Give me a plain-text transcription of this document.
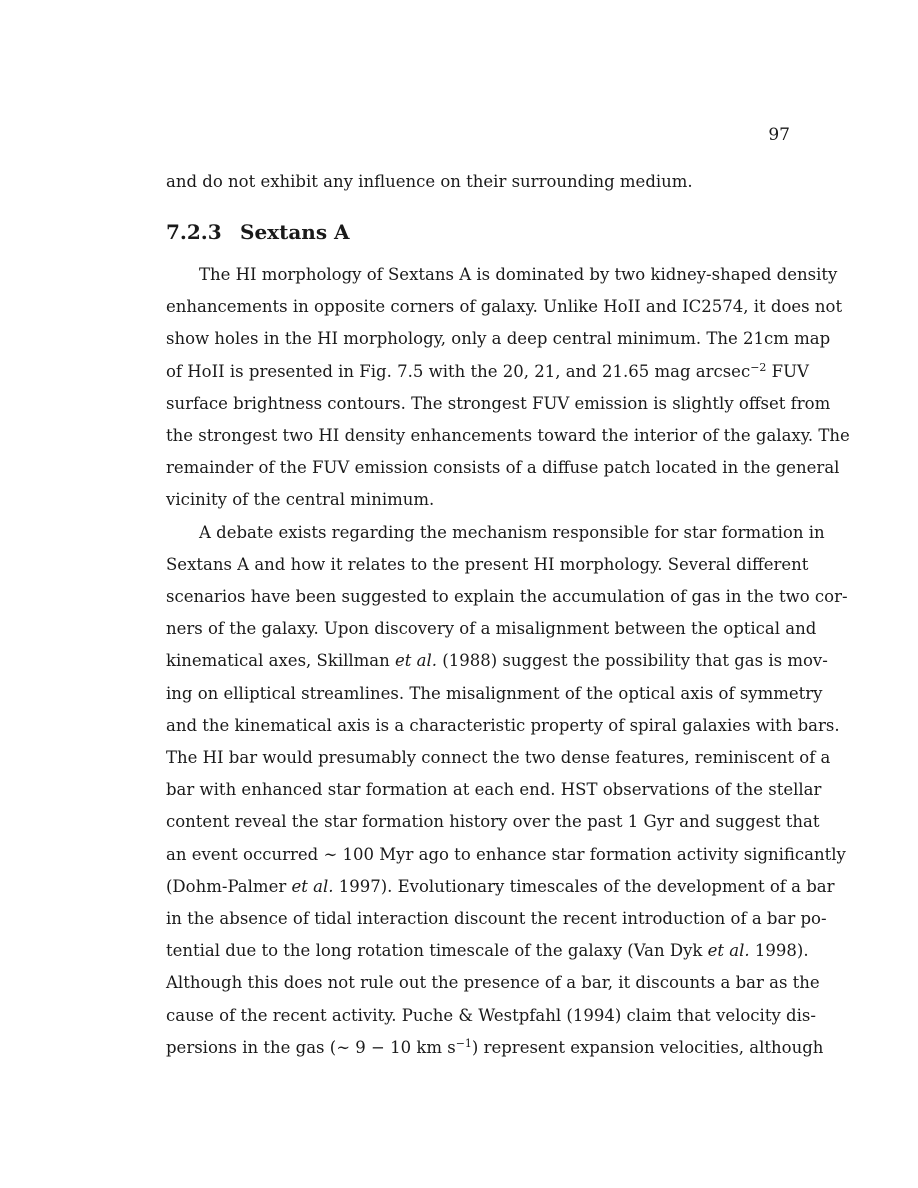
97
and do not exhibit any influence on their surrounding medium.
7.2.3 Sextans A
The HI morphology of Sextans A is dominated by two kidney-shaped density
enhancements in opposite corners of galaxy. Unlike HoII and IC2574, it does not
show holes in the HI morphology, only a deep central minimum. The 21cm map
of HoII is presented in Fig. 7.5 with the 20, 21, and 21.65 mag arcsec$^{-2}$ FUV
surface brightness contours. The strongest FUV emission is slightly offset from
the strongest two HI density enhancements toward the interior of the galaxy. The
remainder of the FUV emission consists of a diffuse patch located in the general
vicinity of the central minimum.
A debate exists regarding the mechanism responsible for star formation in
Sextans A and how it relates to the present HI morphology. Several different
scenarios have been suggested to explain the accumulation of gas in the two cor-
ners of the galaxy. Upon discovery of a misalignment between the optical and
kinematical axes, Skillman et al. (1988) suggest the possibility that gas is mov-
ing on elliptical streamlines. The misalignment of the optical axis of symmetry
and the kinematical axis is a characteristic property of spiral galaxies with bars.
The HI bar would presumably connect the two dense features, reminiscent of a
bar with enhanced star formation at each end. HST observations of the stellar
content reveal the star formation history over the past 1 Gyr and suggest that
an event occurred ∼ 100 Myr ago to enhance star formation activity significantly
(Dohm-Palmer et al. 1997). Evolutionary timescales of the development of a bar
in the absence of tidal interaction discount the recent introduction of a bar po-
tential due to the long rotation timescale of the galaxy (Van Dyk et al. 1998).
Although this does not rule out the presence of a bar, it discounts a bar as the
cause of the recent activity. Puche & Westpfahl (1994) claim that velocity dis-
persions in the gas (∼ 9 − 10 km $s^{-1}$) represent expansion velocities, although
